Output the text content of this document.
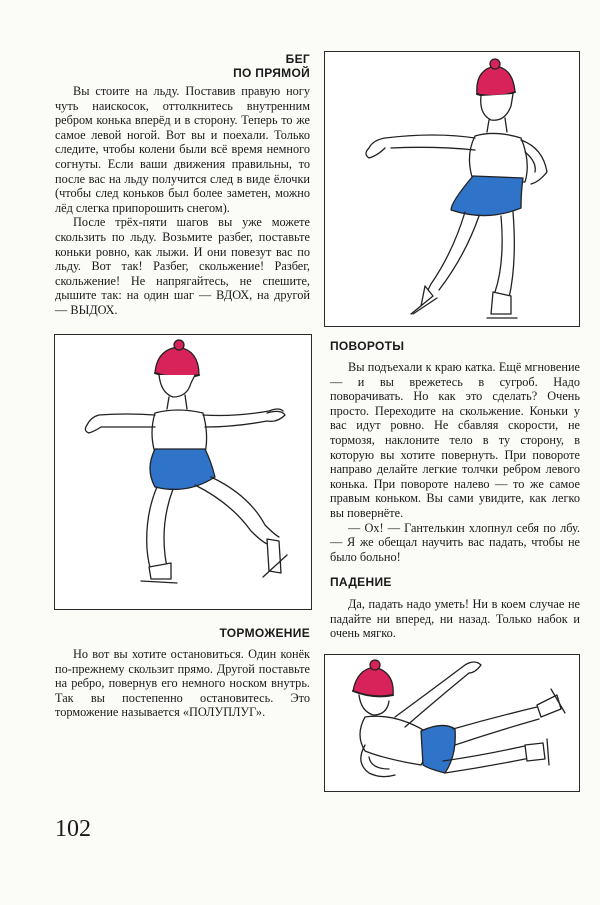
БЕГ
ПО ПРЯМОЙ

Вы стоите на льду. Поставив правую ногу чуть наискосок, оттолкнитесь внутренним ребром конька вперёд и в сторону. Теперь то же самое левой ногой. Вот вы и поехали. Только следите, чтобы колени были всё время немного согнуты. Если ваши движения правильны, то после вас на льду получится след в виде ёлочки (чтобы след коньков был более заметен, можно лёд слегка припорошить снегом).

После трёх-пяти шагов вы уже можете скользить по льду. Возьмите разбег, поставьте коньки ровно, как лыжи. И они повезут вас по льду. Вот так! Разбег, скольжение! Разбег, скольжение! Не напрягайтесь, не спешите, дышите так: на один шаг — ВДОХ, на другой — ВЫДОХ.

ПОВОРОТЫ

Вы подъехали к краю катка. Ещё мгновение — и вы врежетесь в сугроб. Надо поворачивать. Но как это сделать? Очень просто. Переходите на скольжение. Коньки у вас идут ровно. Не сбавляя скорости, не тормозя, наклоните тело в ту сторону, в которую вы хотите повернуть. При повороте направо делайте легкие толчки ребром левого конька. При повороте налево — то же самое правым коньком. Вы сами увидите, как легко вы повернёте.

— Ох! — Гантелькин хлопнул себя по лбу. — Я же обещал научить вас падать, чтобы не было больно!

ПАДЕНИЕ

Да, падать надо уметь! Ни в коем случае не падайте ни вперед, ни назад. Только набок и очень мягко.

ТОРМОЖЕНИЕ

Но вот вы хотите остановиться. Один конёк по-прежнему скользит прямо. Другой поставьте на ребро, повернув его немного носком внутрь. Так вы постепенно остановитесь. Это торможение называется «ПОЛУПЛУГ».

102
